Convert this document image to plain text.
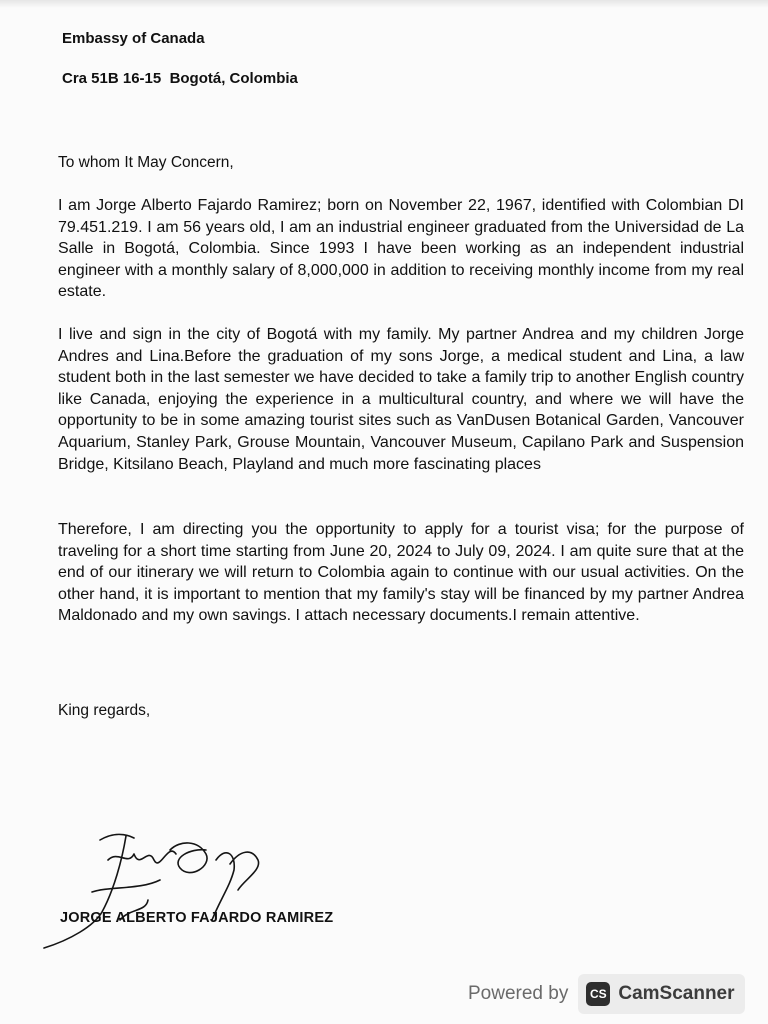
Embassy of Canada
Cra 51B 16-15  Bogotá, Colombia
To whom It May Concern,

I am Jorge Alberto Fajardo Ramirez; born on November 22, 1967, identified with Colombian DI 79.451.219. I am 56 years old, I am an industrial engineer graduated from the Universidad de La Salle in Bogotá, Colombia. Since 1993 I have been working as an independent industrial engineer with a monthly salary of 8,000,000 in addition to receiving monthly income from my real estate.

I live and sign in the city of Bogotá with my family. My partner Andrea and my children Jorge Andres and Lina.Before the graduation of my sons Jorge, a medical student and Lina, a law student both in the last semester we have decided to take a family trip to another English country like Canada, enjoying the experience in a multicultural country, and where we will have the opportunity to be in some amazing tourist sites such as VanDusen Botanical Garden, Vancouver Aquarium, Stanley Park, Grouse Mountain, Vancouver Museum, Capilano Park and Suspension Bridge, Kitsilano Beach, Playland and much more fascinating places

Therefore, I am directing you the opportunity to apply for a tourist visa; for the purpose of traveling for a short time starting from June 20, 2024 to July 09, 2024. I am quite sure that at the end of our itinerary we will return to Colombia again to continue with our usual activities. On the other hand, it is important to mention that my family's stay will be financed by my partner Andrea Maldonado and my own savings. I attach necessary documents.I remain attentive.

King regards,
JORGE ALBERTO FAJARDO RAMIREZ
Powered by	CS CamScanner
